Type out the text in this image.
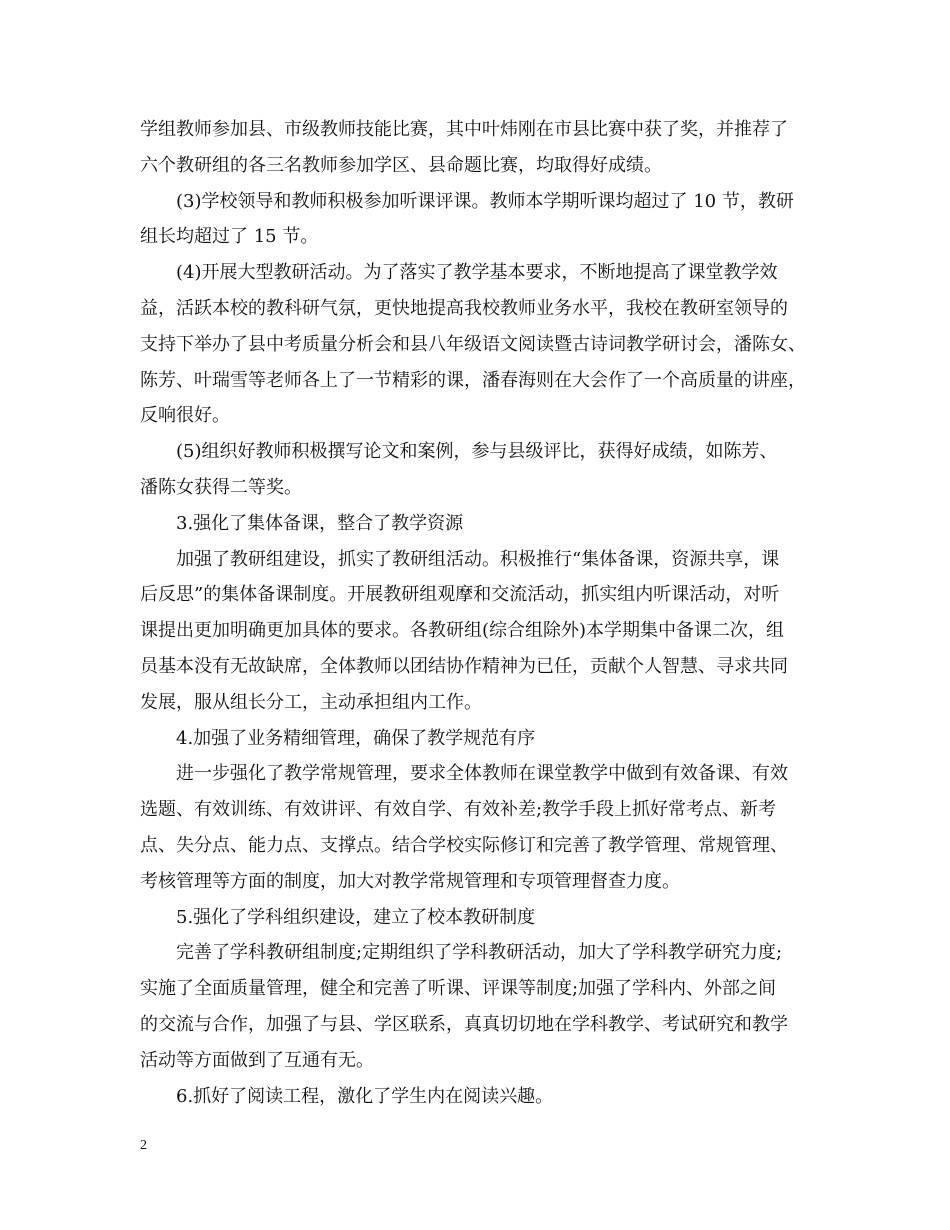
学组教师参加县、市级教师技能比赛，其中叶炜刚在市县比赛中获了奖，并推荐了
六个教研组的各三名教师参加学区、县命题比赛，均取得好成绩。
(3)学校领导和教师积极参加听课评课。教师本学期听课均超过了 10 节，教研
组长均超过了 15 节。
(4)开展大型教研活动。为了落实了教学基本要求，不断地提高了课堂教学效
益，活跃本校的教科研气氛，更快地提高我校教师业务水平，我校在教研室领导的
支持下举办了县中考质量分析会和县八年级语文阅读暨古诗词教学研讨会，潘陈女、
陈芳、叶瑞雪等老师各上了一节精彩的课，潘春海则在大会作了一个高质量的讲座，
反响很好。
(5)组织好教师积极撰写论文和案例，参与县级评比，获得好成绩，如陈芳、
潘陈女获得二等奖。
3.强化了集体备课，整合了教学资源
加强了教研组建设，抓实了教研组活动。积极推行“集体备课，资源共享，课
后反思”的集体备课制度。开展教研组观摩和交流活动，抓实组内听课活动，对听
课提出更加明确更加具体的要求。各教研组(综合组除外)本学期集中备课二次，组
员基本没有无故缺席，全体教师以团结协作精神为已任，贡献个人智慧、寻求共同
发展，服从组长分工，主动承担组内工作。
4.加强了业务精细管理，确保了教学规范有序
进一步强化了教学常规管理，要求全体教师在课堂教学中做到有效备课、有效
选题、有效训练、有效讲评、有效自学、有效补差;教学手段上抓好常考点、新考
点、失分点、能力点、支撑点。结合学校实际修订和完善了教学管理、常规管理、
考核管理等方面的制度，加大对教学常规管理和专项管理督查力度。
5.强化了学科组织建设，建立了校本教研制度
完善了学科教研组制度;定期组织了学科教研活动，加大了学科教学研究力度;
实施了全面质量管理，健全和完善了听课、评课等制度;加强了学科内、外部之间
的交流与合作，加强了与县、学区联系，真真切切地在学科教学、考试研究和教学
活动等方面做到了互通有无。
6.抓好了阅读工程，激化了学生内在阅读兴趣。
2
